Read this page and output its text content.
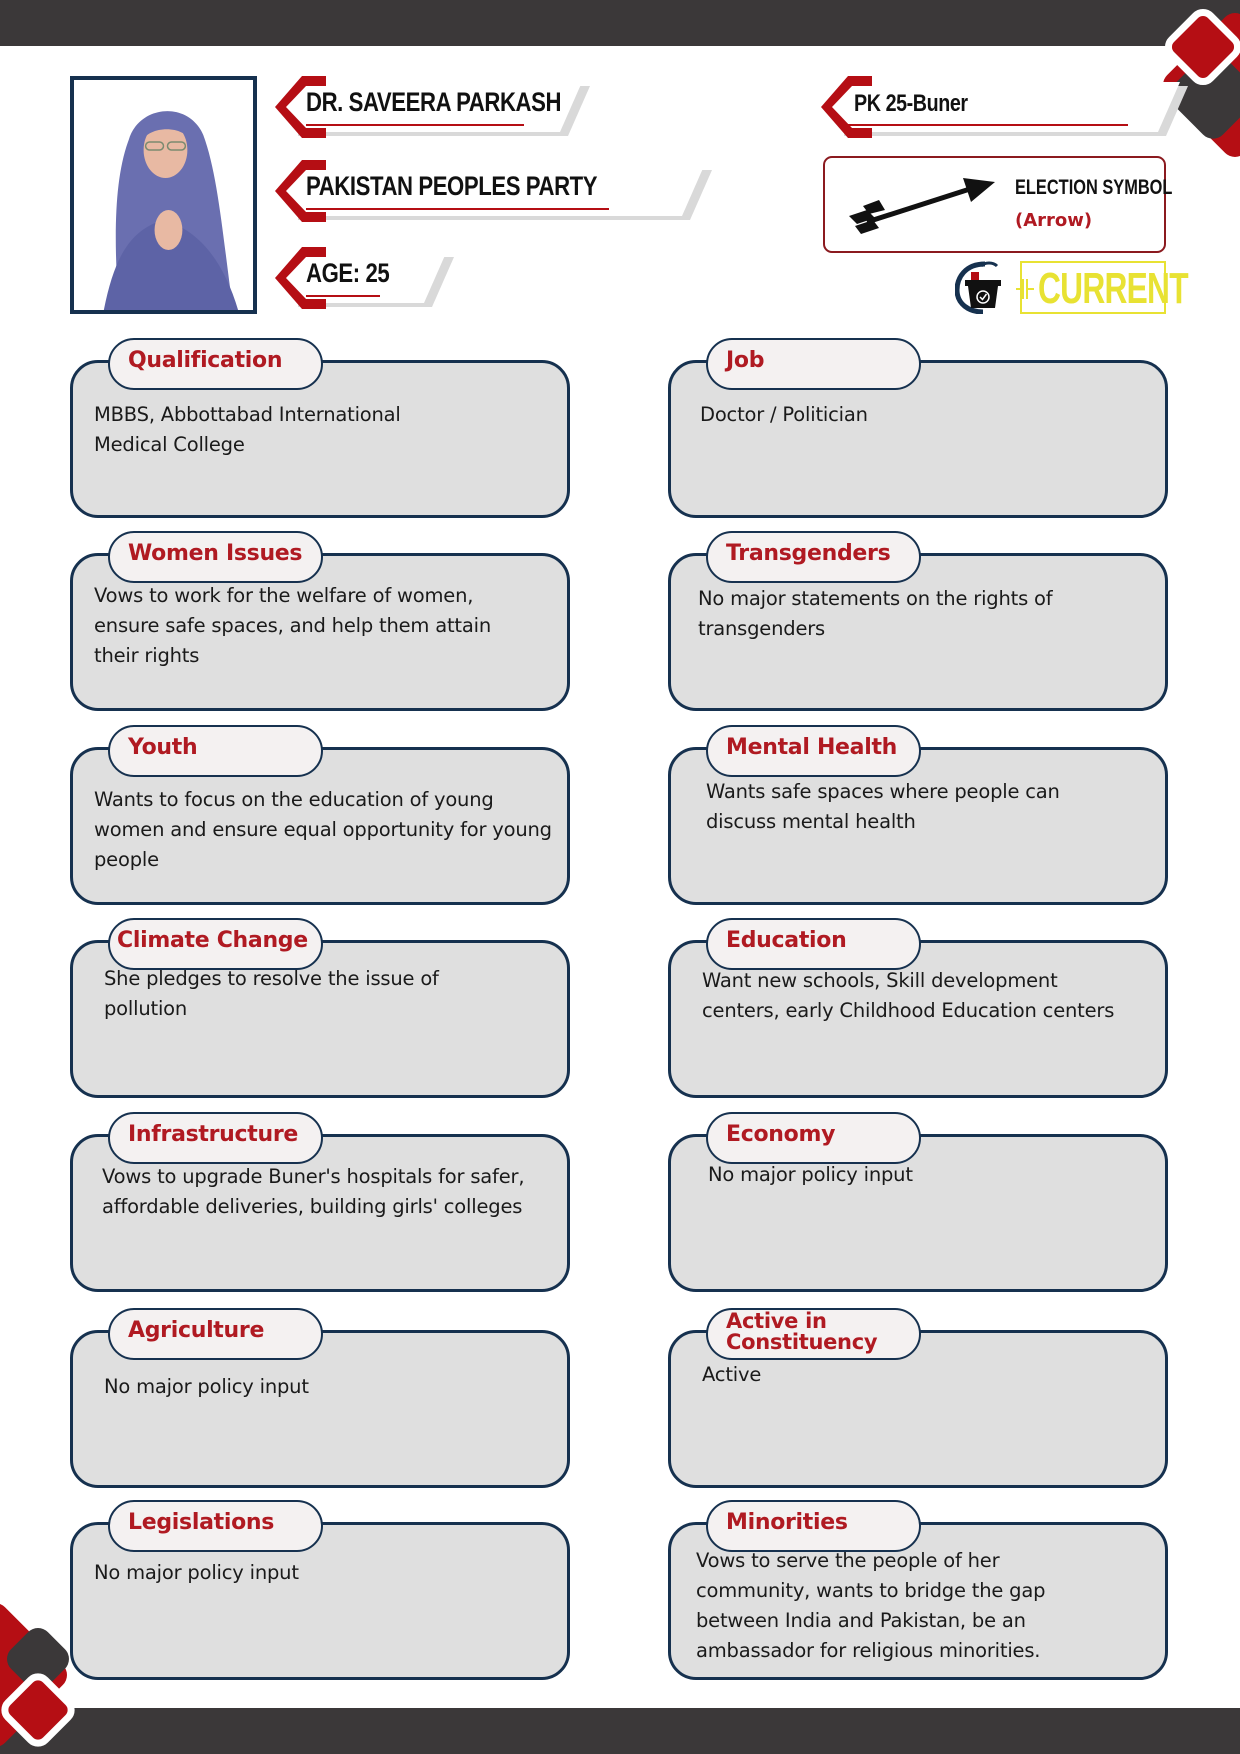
DR. SAVEERA PARKASH
PAKISTAN PEOPLES PARTY
AGE: 25
PK 25-Buner
ELECTION SYMBOL
(Arrow)
CURRENT
Qualification
MBBS, Abbottabad International Medical College
Job
Doctor / Politician
Women Issues
Vows to work for the welfare of women, ensure safe spaces, and help them attain their rights
Transgenders
No major statements on the rights of transgenders
Youth
Wants to focus on the education of young women and ensure equal opportunity for young people
Mental Health
Wants safe spaces where people can discuss mental health
Climate Change
She pledges to resolve the issue of pollution
Education
Want new schools, Skill development centers, early Childhood Education centers
Infrastructure
Vows to upgrade Buner's hospitals for safer, affordable deliveries, building girls' colleges
Economy
No major policy input
Agriculture
No major policy input
Active in Constituency
Active
Legislations
No major policy input
Minorities
Vows to serve the people of her community, wants to bridge the gap between India and Pakistan, be an ambassador for religious minorities.
